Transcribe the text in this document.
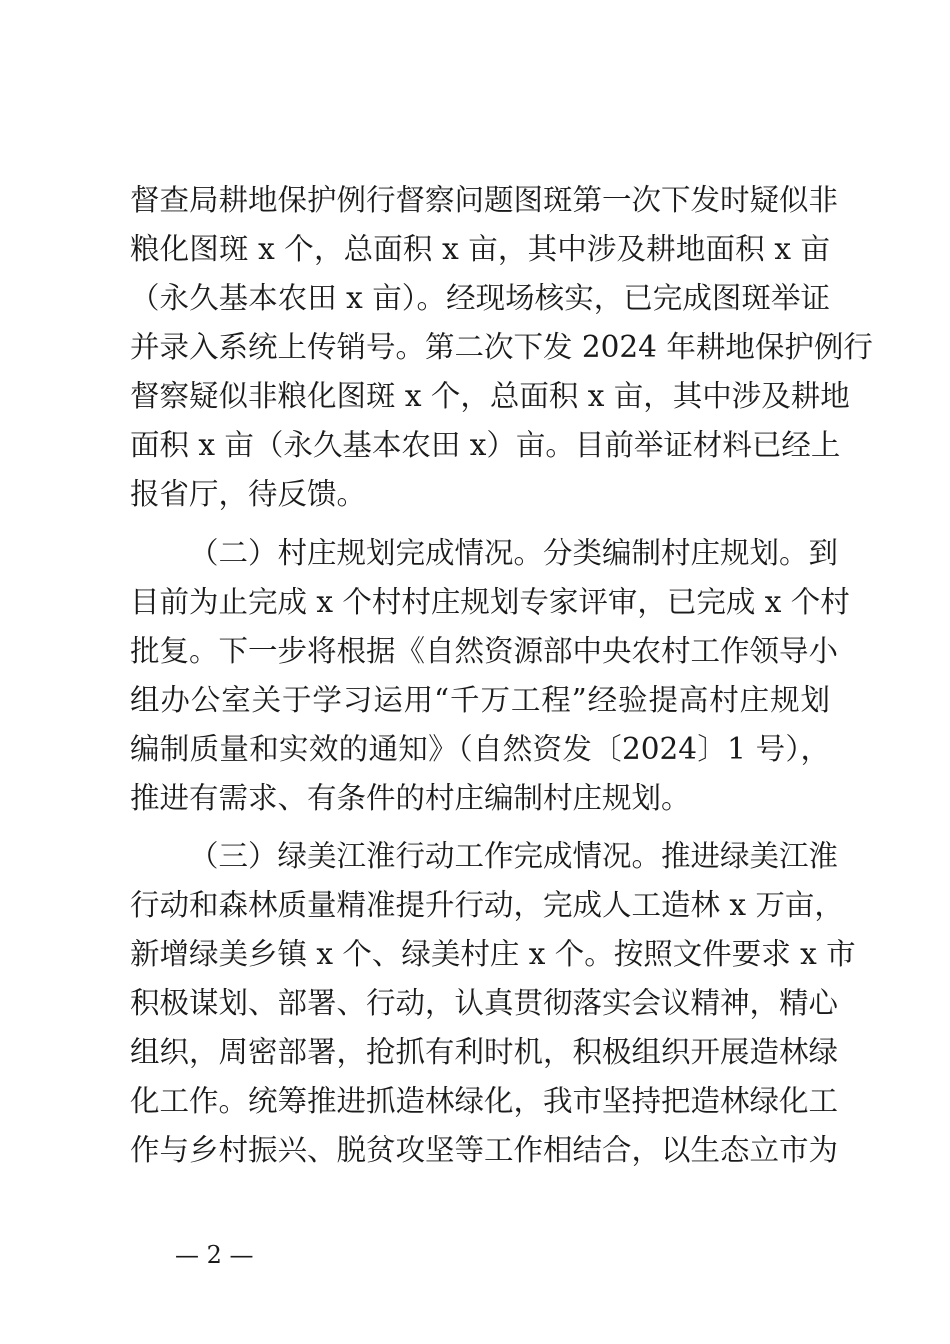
督查局耕地保护例行督察问题图斑第一次下发时疑似非
粮化图斑 x 个，总面积 x 亩，其中涉及耕地面积 x 亩
（永久基本农田 x 亩）。经现场核实，已完成图斑举证
并录入系统上传销号。第二次下发 2024 年耕地保护例行
督察疑似非粮化图斑 x 个，总面积 x 亩，其中涉及耕地
面积 x 亩（永久基本农田 x）亩。目前举证材料已经上
报省厅，待反馈。
（二）村庄规划完成情况。分类编制村庄规划。到
目前为止完成 x 个村村庄规划专家评审，已完成 x 个村
批复。下一步将根据《自然资源部中央农村工作领导小
组办公室关于学习运用“千万工程”经验提高村庄规划
编制质量和实效的通知》（自然资发〔2024〕1 号），
推进有需求、有条件的村庄编制村庄规划。
（三）绿美江淮行动工作完成情况。推进绿美江淮
行动和森林质量精准提升行动，完成人工造林 x 万亩，
新增绿美乡镇 x 个、绿美村庄 x 个。按照文件要求 x 市
积极谋划、部署、行动，认真贯彻落实会议精神，精心
组织，周密部署，抢抓有利时机，积极组织开展造林绿
化工作。统筹推进抓造林绿化，我市坚持把造林绿化工
作与乡村振兴、脱贫攻坚等工作相结合，以生态立市为
— 2 —
